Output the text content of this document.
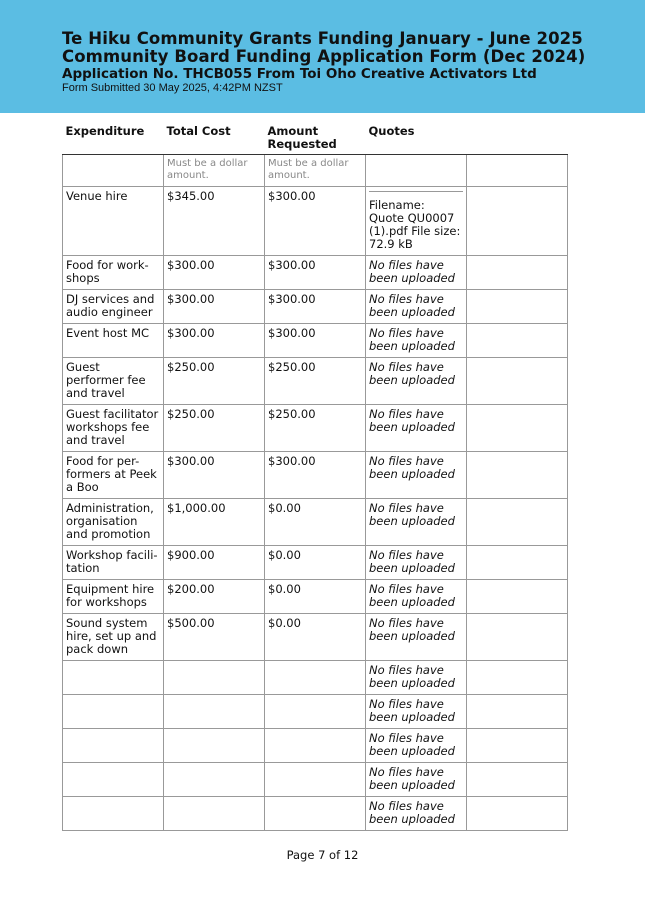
Te Hiku Community Grants Funding January - June 2025
Community Board Funding Application Form (Dec 2024)
Application No. THCB055 From Toi Oho Creative Activators Ltd
Form Submitted 30 May 2025, 4:42PM NZST
Expenditure	Total Cost	Amount Requested	Quotes	
	Must be a dollar amount.	Must be a dollar amount.		
Venue hire	$345.00	$300.00	Filename: Quote QU0007 (1).pdf File size: 72.9 kB	

Food for work-shops	$300.00	$300.00	No files have been uploaded	

DJ services and audio engineer	$300.00	$300.00	No files have been uploaded	

Event host MC	$300.00	$300.00	No files have been uploaded	

Guest performer fee and travel	$250.00	$250.00	No files have been uploaded	

Guest facilitator workshops fee and travel	$250.00	$250.00	No files have been uploaded	

Food for per-formers at Peek a Boo	$300.00	$300.00	No files have been uploaded	

Administration, organisation and promotion	$1,000.00	$0.00	No files have been uploaded	

Workshop facili-tation	$900.00	$0.00	No files have been uploaded	

Equipment hire for workshops	$200.00	$0.00	No files have been uploaded	

Sound system hire, set up and pack down	$500.00	$0.00	No files have been uploaded	

			No files have been uploaded	

			No files have been uploaded	

			No files have been uploaded	

			No files have been uploaded	

			No files have been uploaded	

Page 7 of 12
